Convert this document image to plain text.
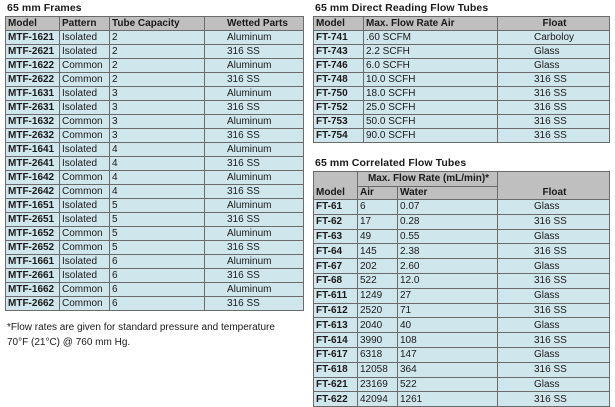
65 mm Frames
Model	Pattern	Tube Capacity	Wetted Parts
MTF-1621	Isolated	2	Aluminum
MTF-2621	Isolated	2	316 SS
MTF-1622	Common	2	Aluminum
MTF-2622	Common	2	316 SS
MTF-1631	Isolated	3	Aluminum
MTF-2631	Isolated	3	316 SS
MTF-1632	Common	3	Aluminum
MTF-2632	Common	3	316 SS
MTF-1641	Isolated	4	Aluminum
MTF-2641	Isolated	4	316 SS
MTF-1642	Common	4	Aluminum
MTF-2642	Common	4	316 SS
MTF-1651	Isolated	5	Aluminum
MTF-2651	Isolated	5	316 SS
MTF-1652	Common	5	Aluminum
MTF-2652	Common	5	316 SS
MTF-1661	Isolated	6	Aluminum
MTF-2661	Isolated	6	316 SS
MTF-1662	Common	6	Aluminum
MTF-2662	Common	6	316 SS
*Flow rates are given for standard pressure and temperature 70°F (21°C) @ 760 mm Hg.
65 mm Direct Reading Flow Tubes
Model	Max. Flow Rate Air	Float
FT-741	.60 SCFM	Carboloy
FT-743	2.2 SCFH	Glass
FT-746	6.0 SCFH	Glass
FT-748	10.0 SCFH	316 SS
FT-750	18.0 SCFH	316 SS
FT-752	25.0 SCFH	316 SS
FT-753	50.0 SCFH	316 SS
FT-754	90.0 SCFH	316 SS
65 mm Correlated Flow Tubes
Model	Max. Flow Rate (mL/min)*		Float
	Air	Water	
FT-61	6	0.07	Glass
FT-62	17	0.28	316 SS
FT-63	49	0.55	Glass
FT-64	145	2.38	316 SS
FT-67	202	2.60	Glass
FT-68	522	12.0	316 SS
FT-611	1249	27	Glass
FT-612	2520	71	316 SS
FT-613	2040	40	Glass
FT-614	3990	108	316 SS
FT-617	6318	147	Glass
FT-618	12058	364	316 SS
FT-621	23169	522	Glass
FT-622	42094	1261	316 SS
